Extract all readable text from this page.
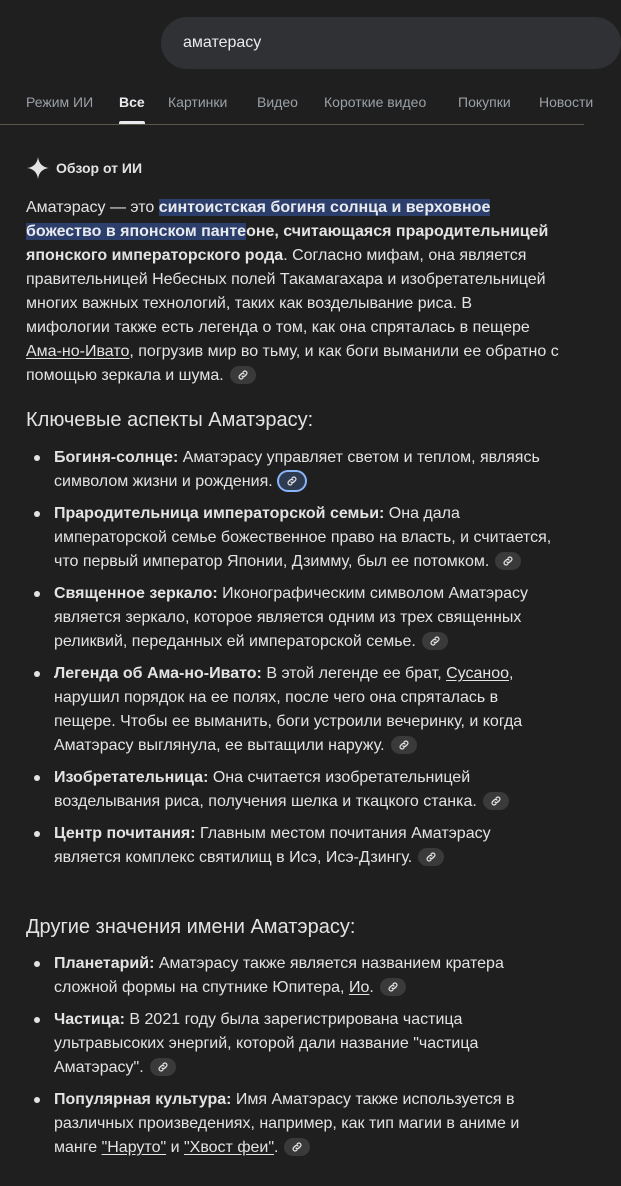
аматерасу
Режим ИИ Все Картинки Видео Короткие видео Покупки Новости
Обзор от ИИ
Аматэрасу — это синтоистская богиня солнца и верховное божество в японском пантеоне, считающаяся прародительницей японского императорского рода. Согласно мифам, она является правительницей Небесных полей Такамагахара и изобретательницей многих важных технологий, таких как возделывание риса. В мифологии также есть легенда о том, как она спряталась в пещере Ама-но-Ивато, погрузив мир во тьму, и как боги выманили ее обратно с помощью зеркала и шума.
Ключевые аспекты Аматэрасу:
Богиня-солнце: Аматэрасу управляет светом и теплом, являясь символом жизни и рождения.
Прародительница императорской семьи: Она дала императорской семье божественное право на власть, и считается, что первый император Японии, Дзимму, был ее потомком.
Священное зеркало: Иконографическим символом Аматэрасу является зеркало, которое является одним из трех священных реликвий, переданных ей императорской семье.
Легенда об Ама-но-Ивато: В этой легенде ее брат, Сусаноо, нарушил порядок на ее полях, после чего она спряталась в пещере. Чтобы ее выманить, боги устроили вечеринку, и когда Аматэрасу выглянула, ее вытащили наружу.
Изобретательница: Она считается изобретательницей возделывания риса, получения шелка и ткацкого станка.
Центр почитания: Главным местом почитания Аматэрасу является комплекс святилищ в Исэ, Исэ-Дзингу.
Другие значения имени Аматэрасу:
Планетарий: Аматэрасу также является названием кратера сложной формы на спутнике Юпитера, Ио.
Частица: В 2021 году была зарегистрирована частица ультравысоких энергий, которой дали название "частица Аматэрасу".
Популярная культура: Имя Аматэрасу также используется в различных произведениях, например, как тип магии в аниме и манге "Наруто" и "Хвост феи".
